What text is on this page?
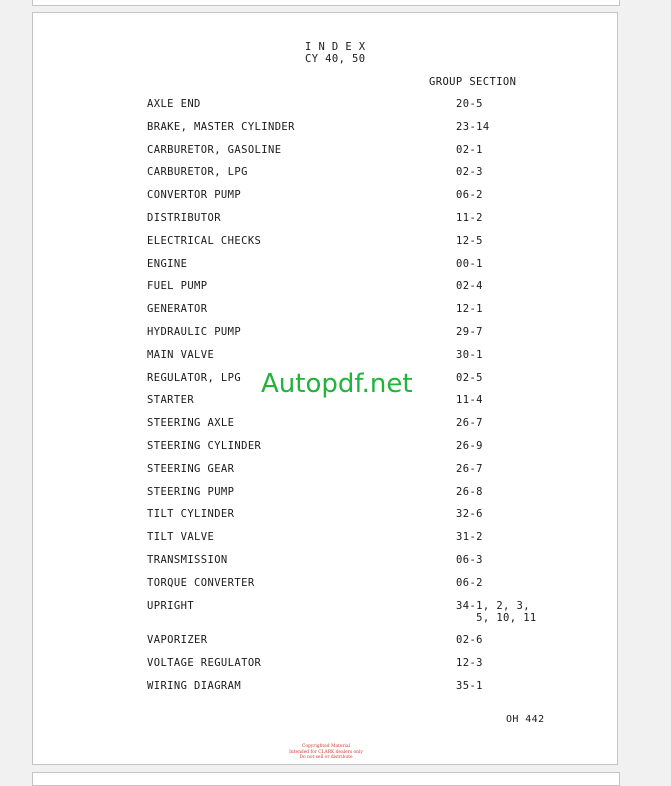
I N D E X
CY 40, 50
GROUP SECTION
AXLE END	20-5
BRAKE, MASTER CYLINDER	23-14
CARBURETOR, GASOLINE	02-1
CARBURETOR, LPG	02-3
CONVERTOR PUMP	06-2
DISTRIBUTOR	11-2
ELECTRICAL CHECKS	12-5
ENGINE	00-1
FUEL PUMP	02-4
GENERATOR	12-1
HYDRAULIC PUMP	29-7
MAIN VALVE	30-1
REGULATOR, LPG	02-5
STARTER	11-4
STEERING AXLE	26-7
STEERING CYLINDER	26-9
STEERING GEAR	26-7
STEERING PUMP	26-8
TILT CYLINDER	32-6
TILT VALVE	31-2
TRANSMISSION	06-3
TORQUE CONVERTER	06-2
UPRIGHT	34-1, 2, 3,
5, 10, 11
VAPORIZER	02-6
VOLTAGE REGULATOR	12-3
WIRING DIAGRAM	35-1
OH 442
Autopdf.net
Copyrighted Material
Intended for CLARK dealers only
Do not sell or distribute
